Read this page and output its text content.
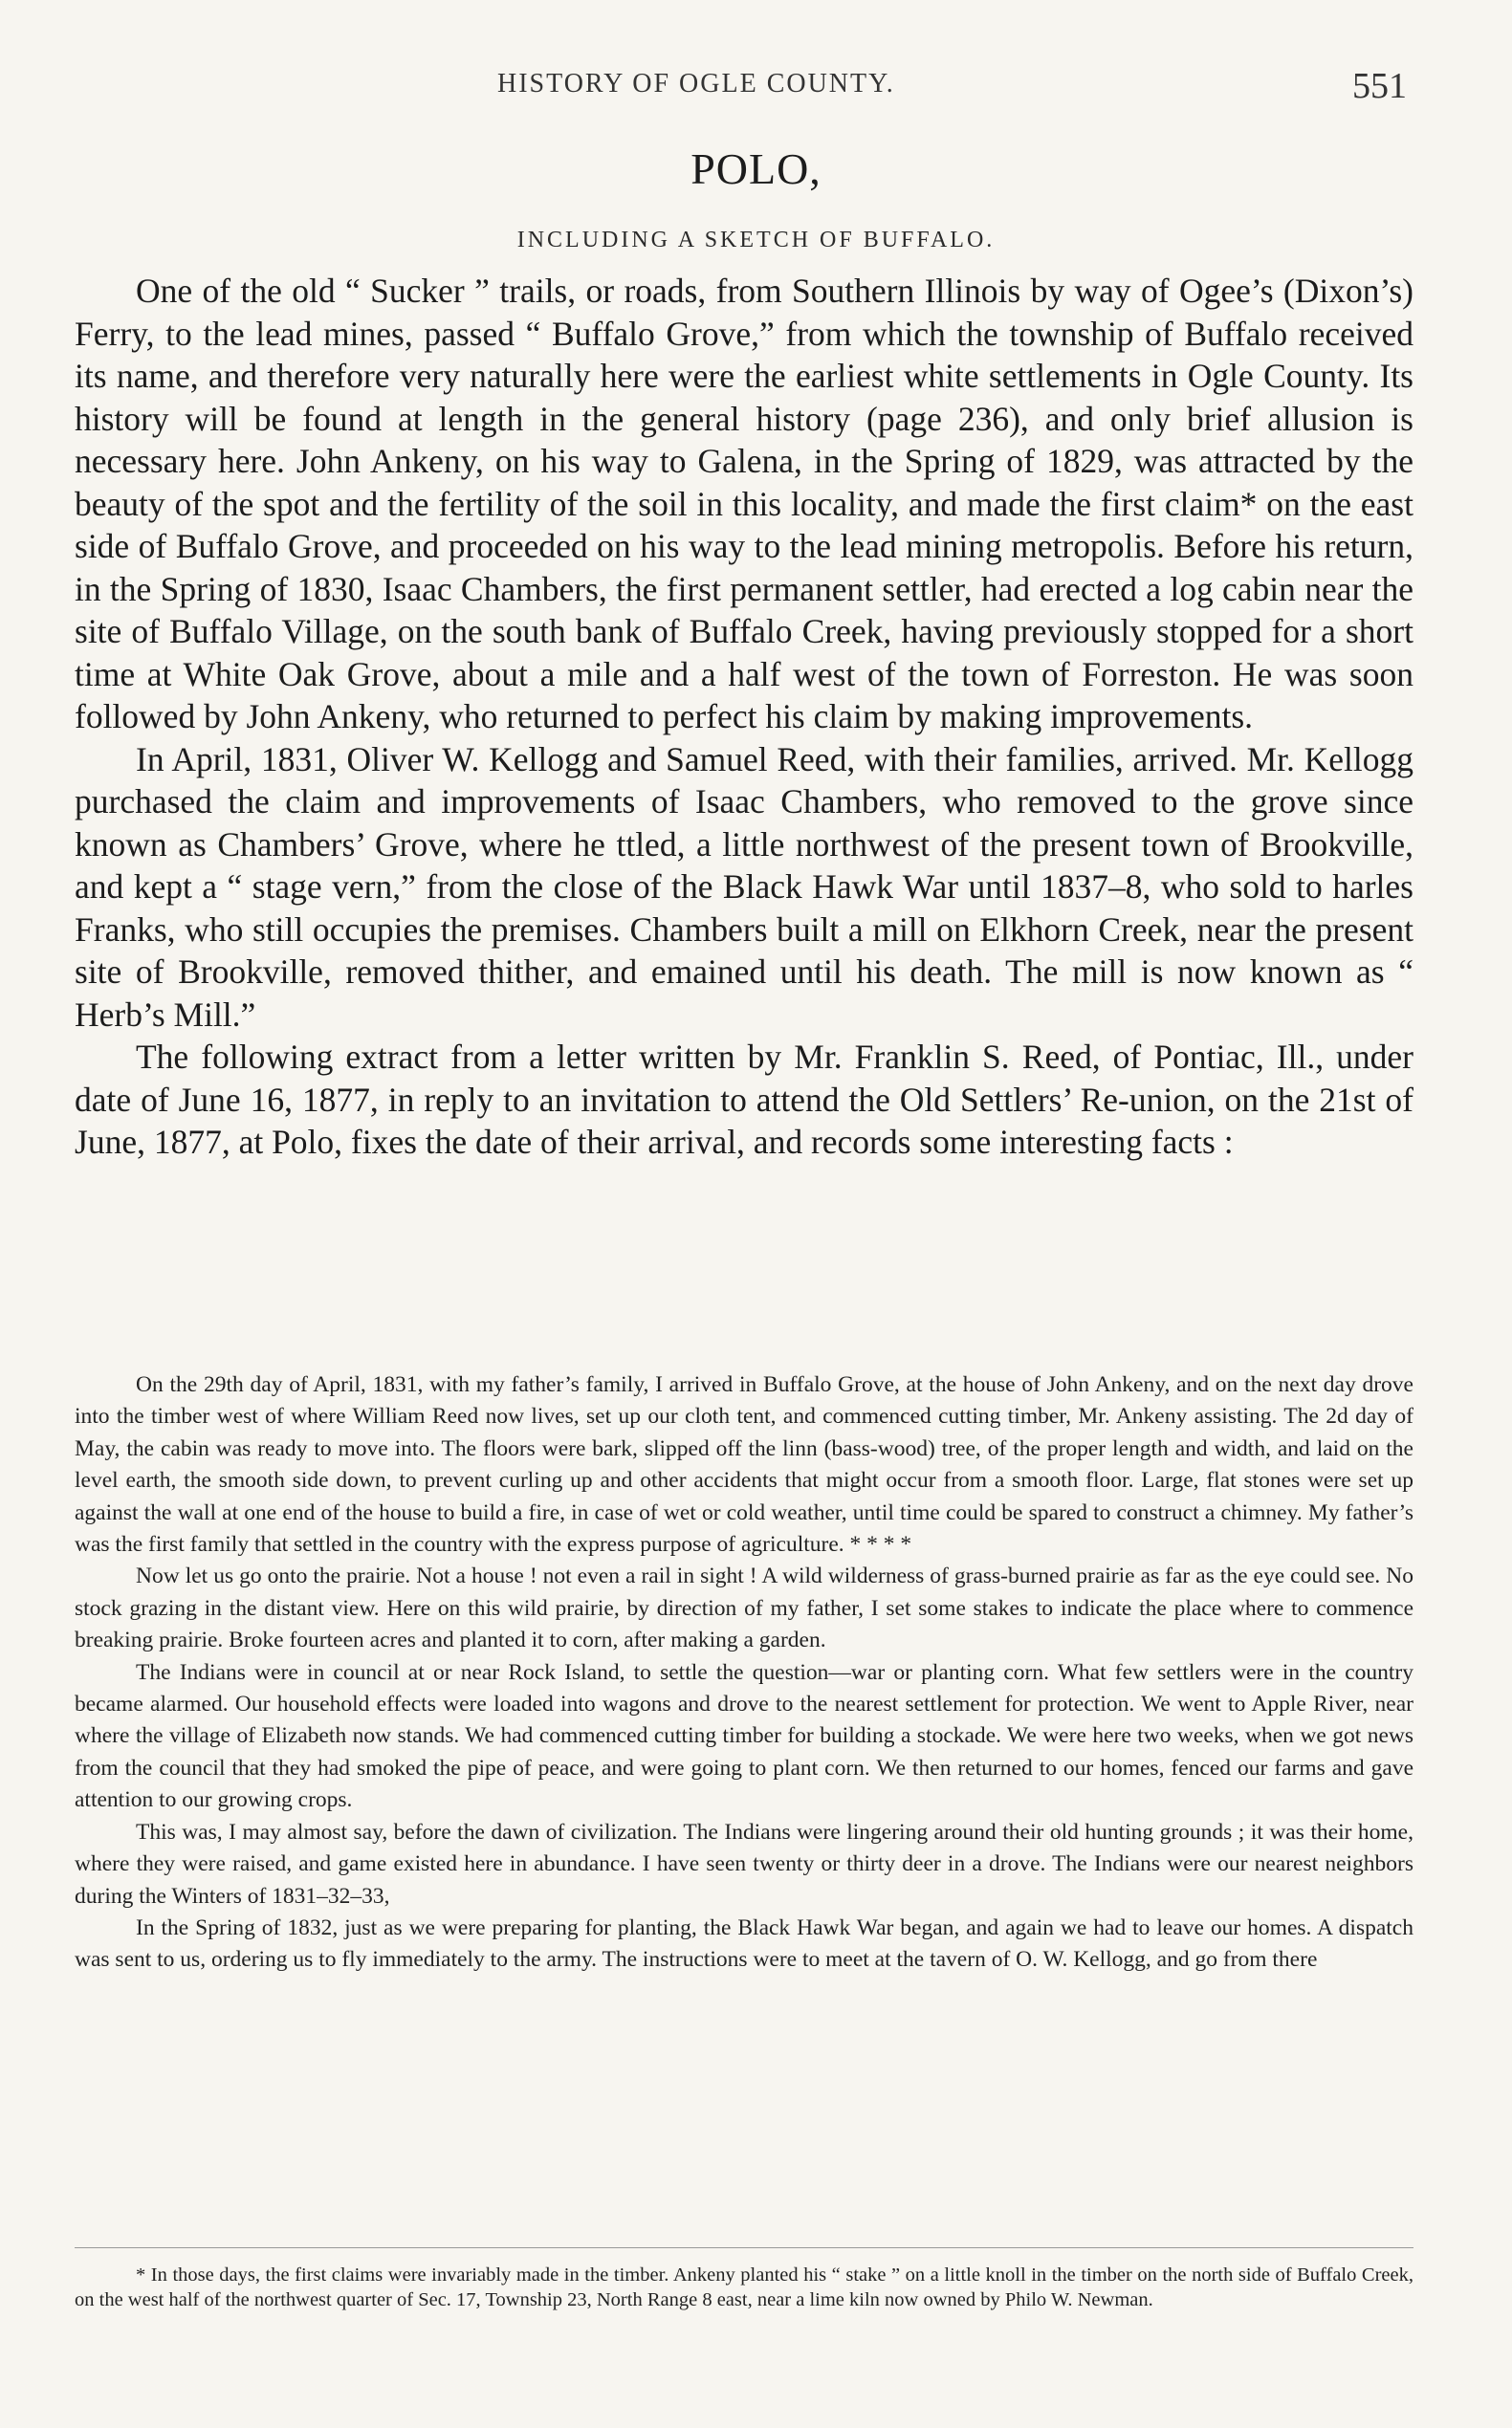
HISTORY OF OGLE COUNTY.	551
POLO,
INCLUDING A SKETCH OF BUFFALO.

One of the old “ Sucker ” trails, or roads, from Southern Illinois by way of Ogee’s (Dixon’s) Ferry, to the lead mines, passed “ Buffalo Grove,” from which the township of Buffalo received its name, and therefore very naturally here were the earliest white settlements in Ogle County. Its history will be found at length in the general history (page 236), and only brief allusion is necessary here. John Ankeny, on his way to Galena, in the Spring of 1829, was attracted by the beauty of the spot and the fertility of the soil in this locality, and made the first claim* on the east side of Buffalo Grove, and proceeded on his way to the lead mining metropolis. Before his return, in the Spring of 1830, Isaac Chambers, the first permanent settler, had erected a log cabin near the site of Buffalo Village, on the south bank of Buffalo Creek, having previously stopped for a short time at White Oak Grove, about a mile and a half west of the town of Forreston. He was soon followed by John Ankeny, who returned to perfect his claim by making improvements.

In April, 1831, Oliver W. Kellogg and Samuel Reed, with their families, arrived. Mr. Kellogg purchased the claim and improvements of Isaac Chambers, who removed to the grove since known as Chambers’ Grove, where he ttled, a little northwest of the present town of Brookville, and kept a “ stage vern,” from the close of the Black Hawk War until 1837–8, who sold to harles Franks, who still occupies the premises. Chambers built a mill on Elkhorn Creek, near the present site of Brookville, removed thither, and emained until his death. The mill is now known as “ Herb’s Mill.”

The following extract from a letter written by Mr. Franklin S. Reed, of Pontiac, Ill., under date of June 16, 1877, in reply to an invitation to attend the Old Settlers’ Re-union, on the 21st of June, 1877, at Polo, fixes the date of their arrival, and records some interesting facts :

On the 29th day of April, 1831, with my father’s family, I arrived in Buffalo Grove, at the house of John Ankeny, and on the next day drove into the timber west of where William Reed now lives, set up our cloth tent, and commenced cutting timber, Mr. Ankeny assisting. The 2d day of May, the cabin was ready to move into. The floors were bark, slipped off the linn (bass-wood) tree, of the proper length and width, and laid on the level earth, the smooth side down, to prevent curling up and other accidents that might occur from a smooth floor. Large, flat stones were set up against the wall at one end of the house to build a fire, in case of wet or cold weather, until time could be spared to construct a chimney. My father’s was the first family that settled in the country with the express purpose of agriculture. * * * *

Now let us go onto the prairie. Not a house ! not even a rail in sight ! A wild wilderness of grass-burned prairie as far as the eye could see. No stock grazing in the distant view. Here on this wild prairie, by direction of my father, I set some stakes to indicate the place where to commence breaking prairie. Broke fourteen acres and planted it to corn, after making a garden.

The Indians were in council at or near Rock Island, to settle the question—war or planting corn. What few settlers were in the country became alarmed. Our household effects were loaded into wagons and drove to the nearest settlement for protection. We went to Apple River, near where the village of Elizabeth now stands. We had commenced cutting timber for building a stockade. We were here two weeks, when we got news from the council that they had smoked the pipe of peace, and were going to plant corn. We then returned to our homes, fenced our farms and gave attention to our growing crops.

This was, I may almost say, before the dawn of civilization. The Indians were lingering around their old hunting grounds ; it was their home, where they were raised, and game existed here in abundance. I have seen twenty or thirty deer in a drove. The Indians were our nearest neighbors during the Winters of 1831–32–33,

In the Spring of 1832, just as we were preparing for planting, the Black Hawk War began, and again we had to leave our homes. A dispatch was sent to us, ordering us to fly immediately to the army. The instructions were to meet at the tavern of O. W. Kellogg, and go from there

* In those days, the first claims were invariably made in the timber. Ankeny planted his “ stake ” on a little knoll in the timber on the north side of Buffalo Creek, on the west half of the northwest quarter of Sec. 17, Township 23, North Range 8 east, near a lime kiln now owned by Philo W. Newman.
